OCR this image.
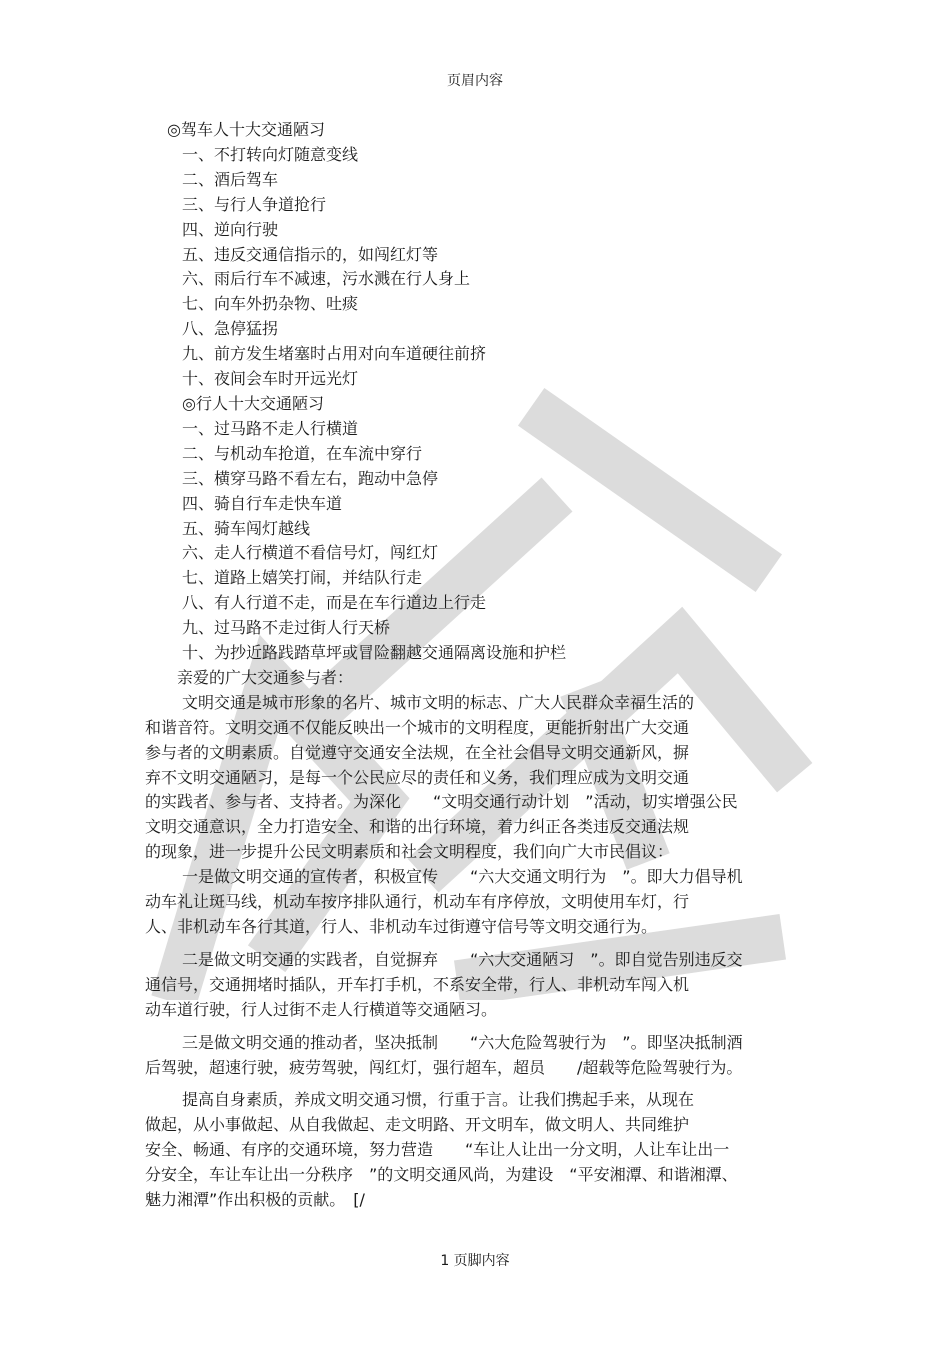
页眉内容
◎驾车人十大交通陋习
一、不打转向灯随意变线
二、酒后驾车
三、与行人争道抢行
四、逆向行驶
五、违反交通信指示的，如闯红灯等
六、雨后行车不减速，污水溅在行人身上
七、向车外扔杂物、吐痰
八、急停猛拐
九、前方发生堵塞时占用对向车道硬往前挤
十、夜间会车时开远光灯
◎行人十大交通陋习
一、过马路不走人行横道
二、与机动车抢道，在车流中穿行
三、横穿马路不看左右，跑动中急停
四、骑自行车走快车道
五、骑车闯灯越线
六、走人行横道不看信号灯，闯红灯
七、道路上嬉笑打闹，并结队行走
八、有人行道不走，而是在车行道边上行走
九、过马路不走过街人行天桥
十、为抄近路践踏草坪或冒险翻越交通隔离设施和护栏
亲爱的广大交通参与者：
文明交通是城市形象的名片、城市文明的标志、广大人民群众幸福生活的
和谐音符。文明交通不仅能反映出一个城市的文明程度，更能折射出广大交通
参与者的文明素质。自觉遵守交通安全法规，在全社会倡导文明交通新风，摒
弃不文明交通陋习，是每一个公民应尽的责任和义务，我们理应成为文明交通
的实践者、参与者、支持者。为深化　　“文明交通行动计划　”活动，切实增强公民
文明交通意识，全力打造安全、和谐的出行环境，着力纠正各类违反交通法规
的现象，进一步提升公民文明素质和社会文明程度，我们向广大市民倡议：
一是做文明交通的宣传者，积极宣传　　“六大交通文明行为　”。即大力倡导机
动车礼让斑马线，机动车按序排队通行，机动车有序停放，文明使用车灯，行
人、非机动车各行其道，行人、非机动车过街遵守信号等文明交通行为。
二是做文明交通的实践者，自觉摒弃　　“六大交通陋习　”。即自觉告别违反交
通信号，交通拥堵时插队，开车打手机，不系安全带，行人、非机动车闯入机
动车道行驶，行人过街不走人行横道等交通陋习。
三是做文明交通的推动者，坚决抵制　　“六大危险驾驶行为　”。即坚决抵制酒
后驾驶，超速行驶，疲劳驾驶，闯红灯，强行超车，超员　　/超载等危险驾驶行为。
提高自身素质，养成文明交通习惯，行重于言。让我们携起手来，从现在
做起，从小事做起、从自我做起、走文明路、开文明车，做文明人、共同维护
安全、畅通、有序的交通环境，努力营造　　“车让人让出一分文明，人让车让出一
分安全，车让车让出一分秩序　”的文明交通风尚，为建设　“平安湘潭、和谐湘潭、
魅力湘潭”作出积极的贡献。　[/
1 页脚内容
